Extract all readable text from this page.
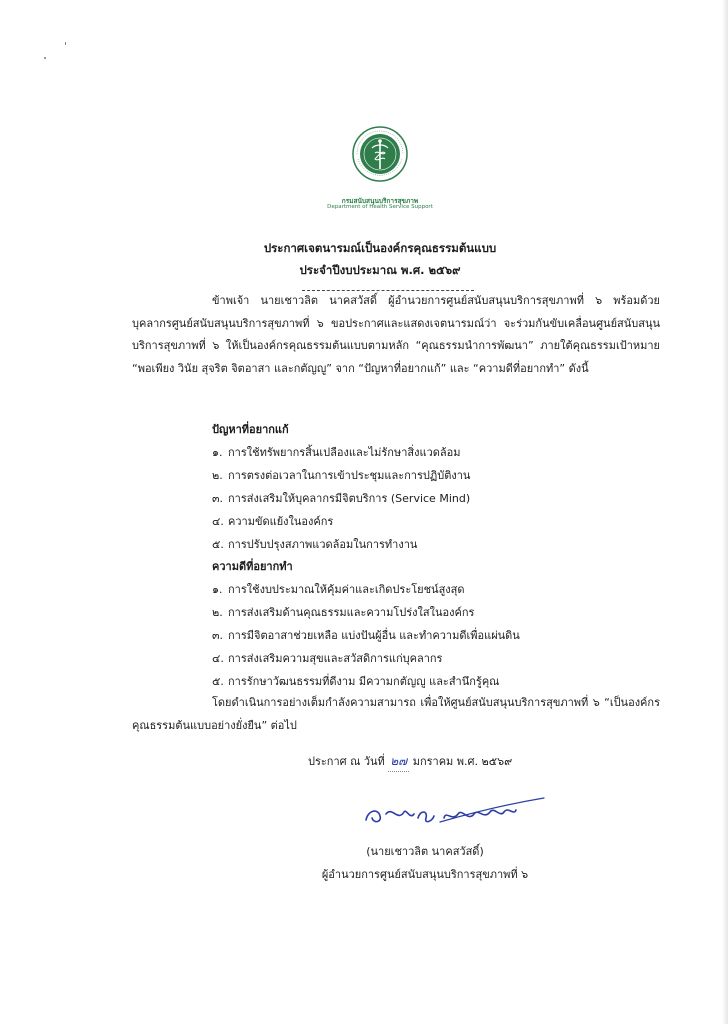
กรมสนับสนุนบริการสุขภาพ
Department of Health Service Support
ประกาศเจตนารมณ์เป็นองค์กรคุณธรรมต้นแบบ
ประจำปีงบประมาณ พ.ศ. ๒๕๖๙

ข้าพเจ้า นายเชาวลิต นาคสวัสดิ์ ผู้อำนวยการศูนย์สนับสนุนบริการสุขภาพที่ ๖ พร้อมด้วยบุคลากรศูนย์สนับสนุนบริการสุขภาพที่ ๖ ขอประกาศและแสดงเจตนารมณ์ว่า จะร่วมกันขับเคลื่อนศูนย์สนับสนุนบริการสุขภาพที่ ๖ ให้เป็นองค์กรคุณธรรมต้นแบบตามหลัก “คุณธรรมนำการพัฒนา” ภายใต้คุณธรรมเป้าหมาย “พอเพียง วินัย สุจริต จิตอาสา และกตัญญู” จาก “ปัญหาที่อยากแก้” และ “ความดีที่อยากทำ” ดังนี้

ปัญหาที่อยากแก้
๑. การใช้ทรัพยากรสิ้นเปลืองและไม่รักษาสิ่งแวดล้อม
๒. การตรงต่อเวลาในการเข้าประชุมและการปฏิบัติงาน
๓. การส่งเสริมให้บุคลากรมีจิตบริการ (Service Mind)
๔. ความขัดแย้งในองค์กร
๕. การปรับปรุงสภาพแวดล้อมในการทำงาน
ความดีที่อยากทำ
๑. การใช้งบประมาณให้คุ้มค่าและเกิดประโยชน์สูงสุด
๒. การส่งเสริมด้านคุณธรรมและความโปร่งใสในองค์กร
๓. การมีจิตอาสาช่วยเหลือ แบ่งปันผู้อื่น และทำความดีเพื่อแผ่นดิน
๔. การส่งเสริมความสุขและสวัสดิการแก่บุคลากร
๕. การรักษาวัฒนธรรมที่ดีงาม มีความกตัญญู และสำนึกรู้คุณ

โดยดำเนินการอย่างเต็มกำลังความสามารถ เพื่อให้ศูนย์สนับสนุนบริการสุขภาพที่ ๖ “เป็นองค์กรคุณธรรมต้นแบบอย่างยั่งยืน” ต่อไป

ประกาศ ณ วันที่ ๒๗ มกราคม พ.ศ. ๒๕๖๙
(นายเชาวลิต นาคสวัสดิ์)
ผู้อำนวยการศูนย์สนับสนุนบริการสุขภาพที่ ๖
